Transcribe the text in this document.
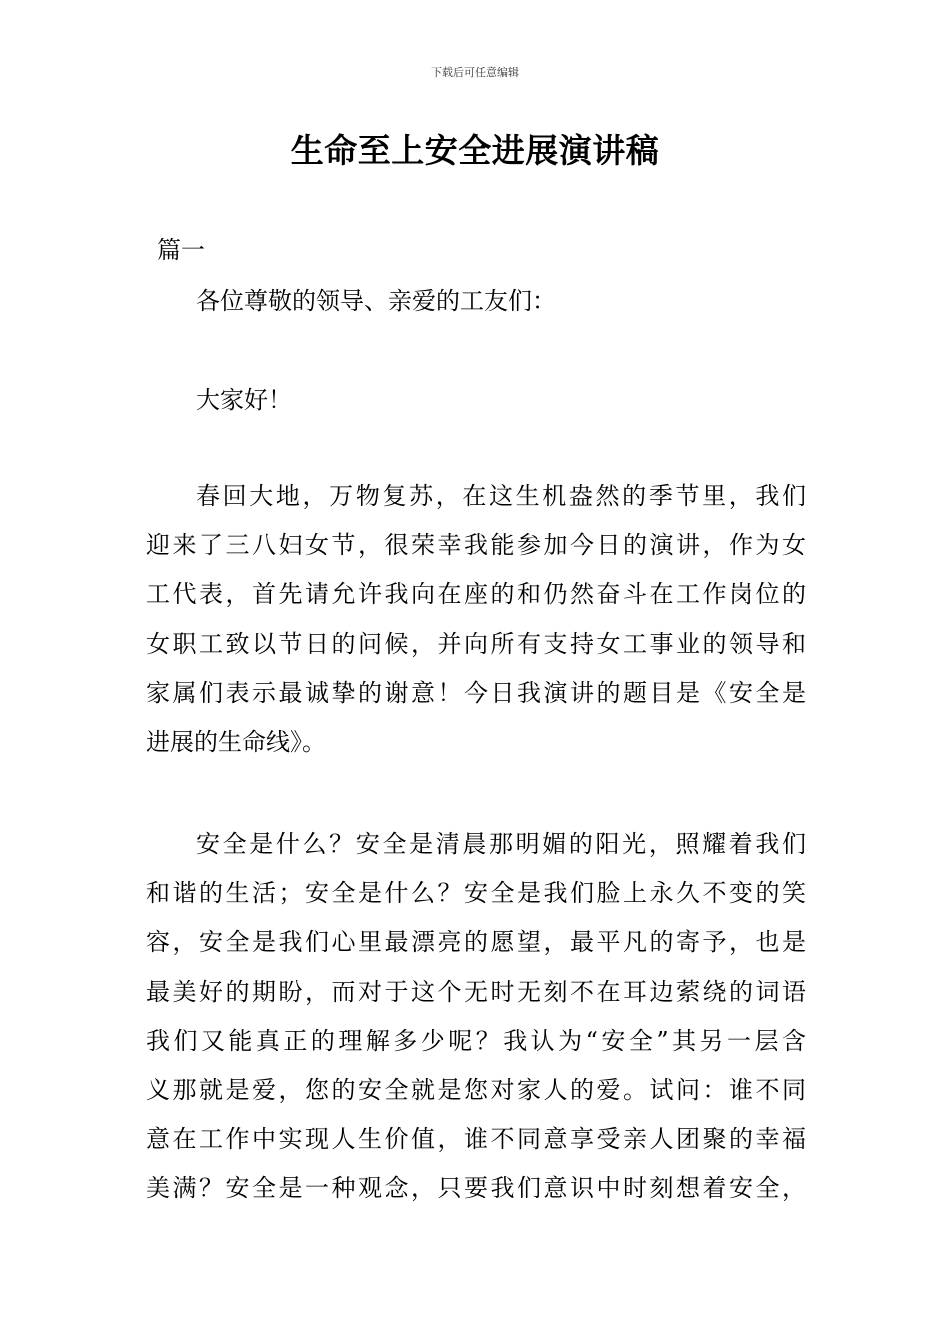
下载后可任意编辑
生命至上安全进展演讲稿
篇一
各位尊敬的领导、亲爱的工友们：
大家好！
春回大地，万物复苏，在这生机盎然的季节里，我们
迎来了三八妇女节，很荣幸我能参加今日的演讲，作为女
工代表，首先请允许我向在座的和仍然奋斗在工作岗位的
女职工致以节日的问候，并向所有支持女工事业的领导和
家属们表示最诚挚的谢意！今日我演讲的题目是《安全是
进展的生命线》。
安全是什么？安全是清晨那明媚的阳光，照耀着我们
和谐的生活；安全是什么？安全是我们脸上永久不变的笑
容，安全是我们心里最漂亮的愿望，最平凡的寄予，也是
最美好的期盼，而对于这个无时无刻不在耳边萦绕的词语
我们又能真正的理解多少呢？我认为“安全”其另一层含
义那就是爱，您的安全就是您对家人的爱。试问：谁不同
意在工作中实现人生价值，谁不同意享受亲人团聚的幸福
美满？安全是一种观念，只要我们意识中时刻想着安全，
